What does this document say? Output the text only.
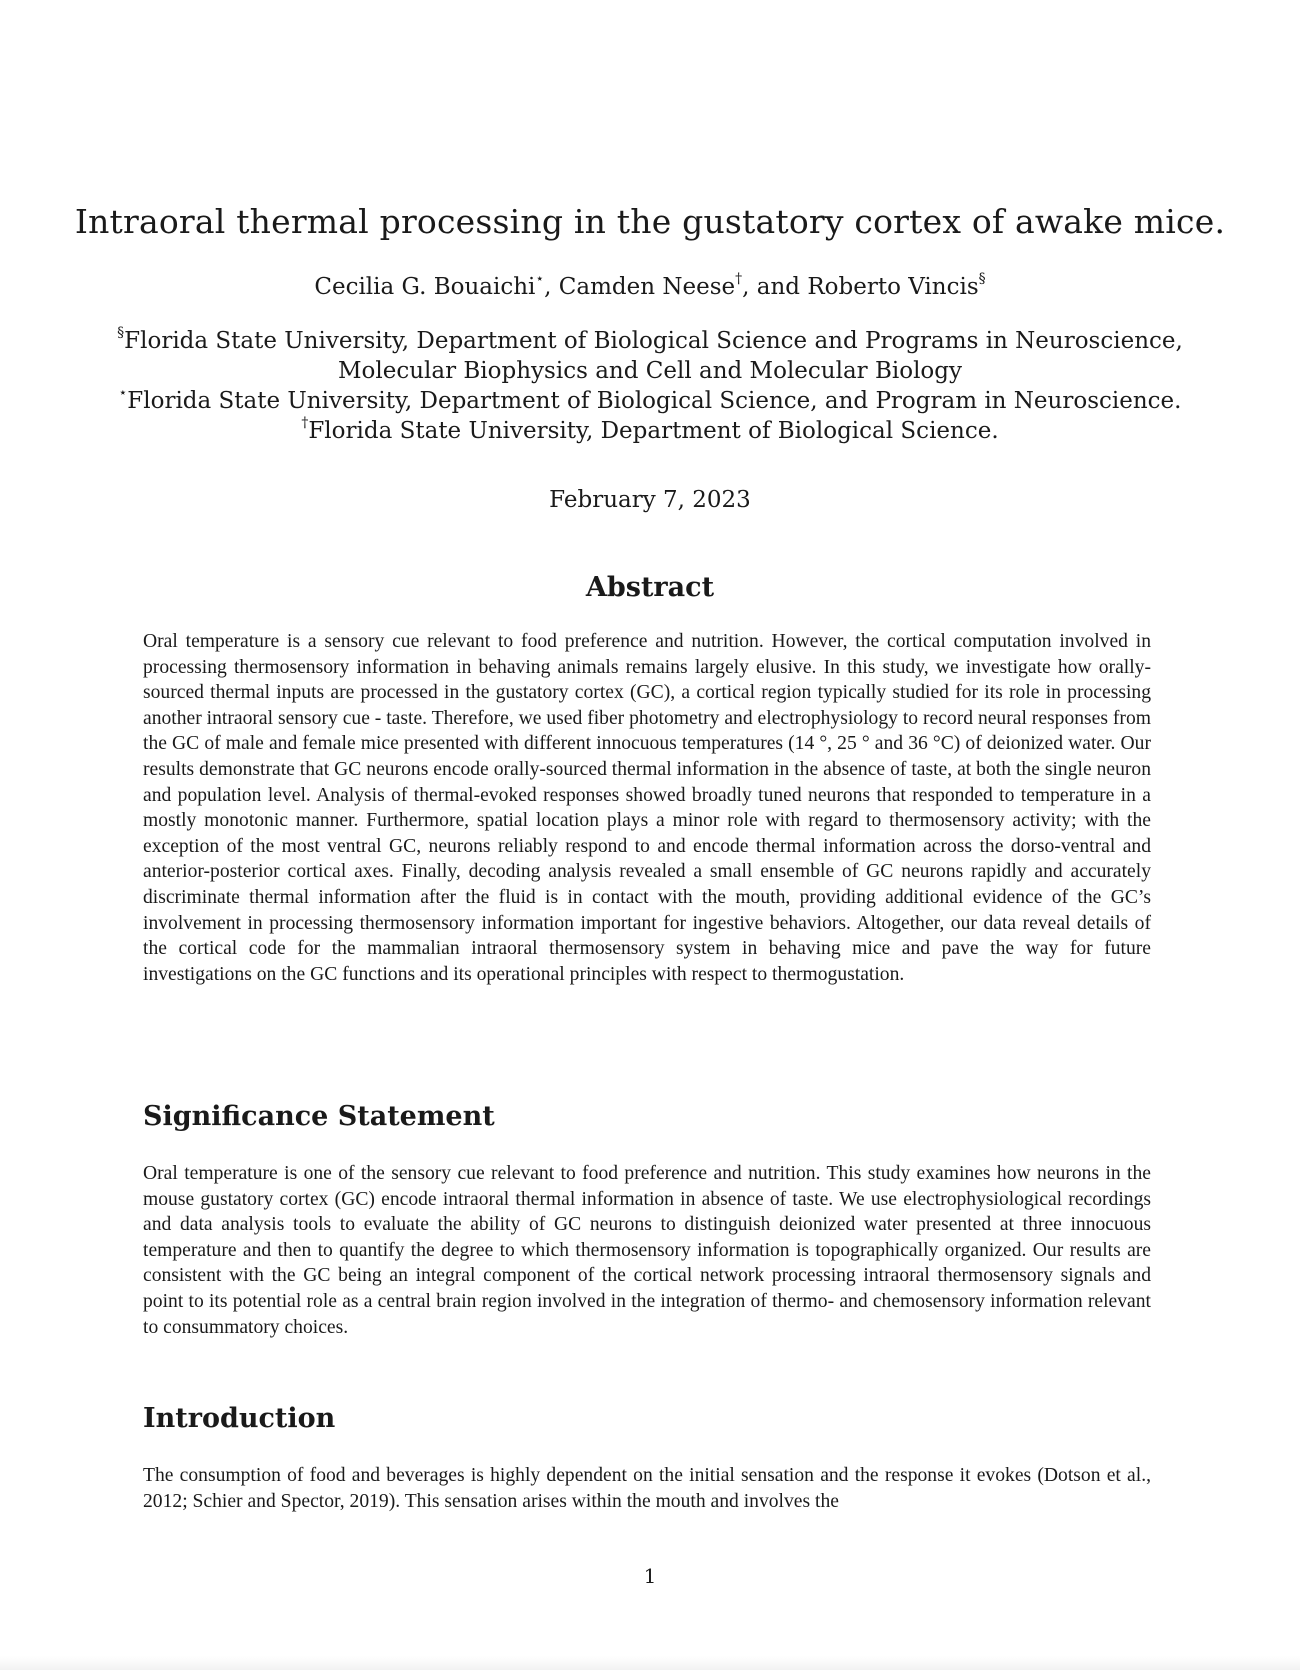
Intraoral thermal processing in the gustatory cortex of awake mice.

Cecilia G. Bouaichi⋆, Camden Neese†, and Roberto Vincis§

§Florida State University, Department of Biological Science and Programs in Neuroscience,

Molecular Biophysics and Cell and Molecular Biology

⋆Florida State University, Department of Biological Science, and Program in Neuroscience.

†Florida State University, Department of Biological Science.

February 7, 2023

Abstract

Oral temperature is a sensory cue relevant to food preference and nutrition. However, the cortical computation involved in processing thermosensory information in behaving animals remains largely elusive. In this study, we investigate how orally-sourced thermal inputs are processed in the gustatory cortex (GC), a cortical region typically studied for its role in processing another intraoral sensory cue - taste. Therefore, we used fiber photometry and electrophysiology to record neural responses from the GC of male and female mice presented with different innocuous temperatures (14 °, 25 ° and 36 °C) of deionized water. Our results demonstrate that GC neurons encode orally-sourced thermal information in the absence of taste, at both the single neuron and population level. Analysis of thermal-evoked responses showed broadly tuned neurons that responded to temperature in a mostly monotonic manner. Furthermore, spatial location plays a minor role with regard to thermosensory activity; with the exception of the most ventral GC, neurons reliably respond to and encode thermal information across the dorso-ventral and anterior-posterior cortical axes. Finally, decoding analysis revealed a small ensemble of GC neurons rapidly and accurately discriminate thermal information after the fluid is in contact with the mouth, providing additional evidence of the GC’s involvement in processing thermosensory information important for ingestive behaviors. Altogether, our data reveal details of the cortical code for the mammalian intraoral thermosensory system in behaving mice and pave the way for future investigations on the GC functions and its operational principles with respect to thermogustation.

Significance Statement

Oral temperature is one of the sensory cue relevant to food preference and nutrition. This study examines how neurons in the mouse gustatory cortex (GC) encode intraoral thermal information in absence of taste. We use electrophysiological recordings and data analysis tools to evaluate the ability of GC neurons to distinguish deionized water presented at three innocuous temperature and then to quantify the degree to which thermosensory information is topographically organized. Our results are consistent with the GC being an integral component of the cortical network processing intraoral thermosensory signals and point to its potential role as a central brain region involved in the integration of thermo- and chemosensory information relevant to consummatory choices.

Introduction

The consumption of food and beverages is highly dependent on the initial sensation and the response it evokes (Dotson et al., 2012; Schier and Spector, 2019). This sensation arises within the mouth and involves the

1
